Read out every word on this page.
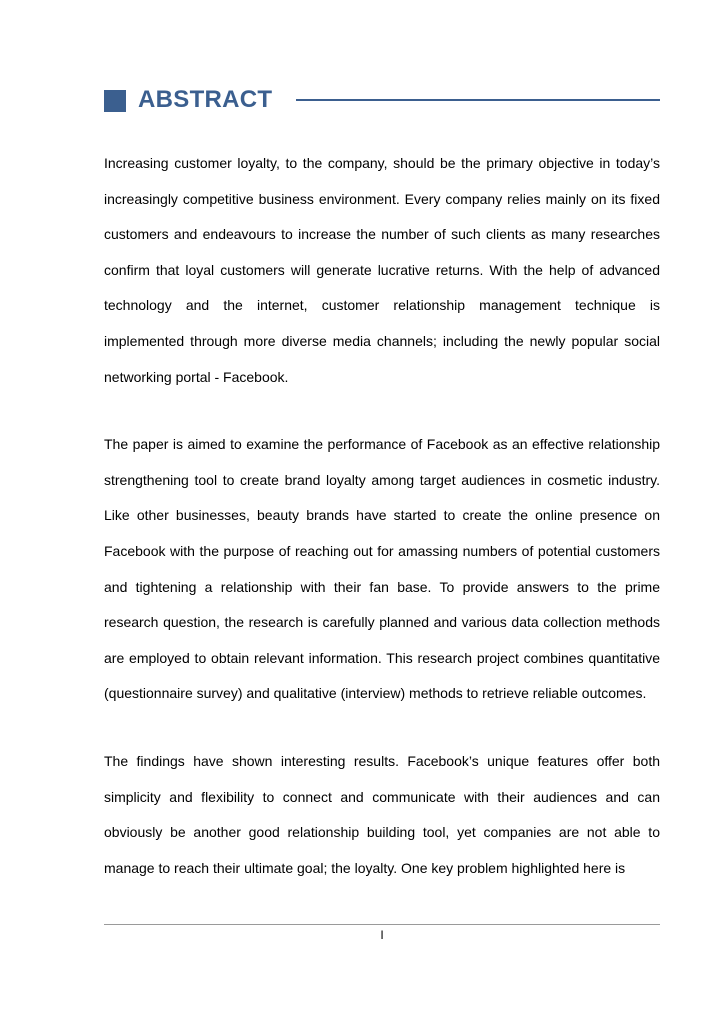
ABSTRACT

Increasing customer loyalty, to the company, should be the primary objective in today’s increasingly competitive business environment. Every company relies mainly on its fixed customers and endeavours to increase the number of such clients as many researches confirm that loyal customers will generate lucrative returns. With the help of advanced technology and the internet, customer relationship management technique is implemented through more diverse media channels; including the newly popular social networking portal - Facebook.

The paper is aimed to examine the performance of Facebook as an effective relationship strengthening tool to create brand loyalty among target audiences in cosmetic industry. Like other businesses, beauty brands have started to create the online presence on Facebook with the purpose of reaching out for amassing numbers of potential customers and tightening a relationship with their fan base. To provide answers to the prime research question, the research is carefully planned and various data collection methods are employed to obtain relevant information. This research project combines quantitative (questionnaire survey) and qualitative (interview) methods to retrieve reliable outcomes.

The findings have shown interesting results. Facebook’s unique features offer both simplicity and flexibility to connect and communicate with their audiences and can obviously be another good relationship building tool, yet companies are not able to manage to reach their ultimate goal; the loyalty. One key problem highlighted here is

I
